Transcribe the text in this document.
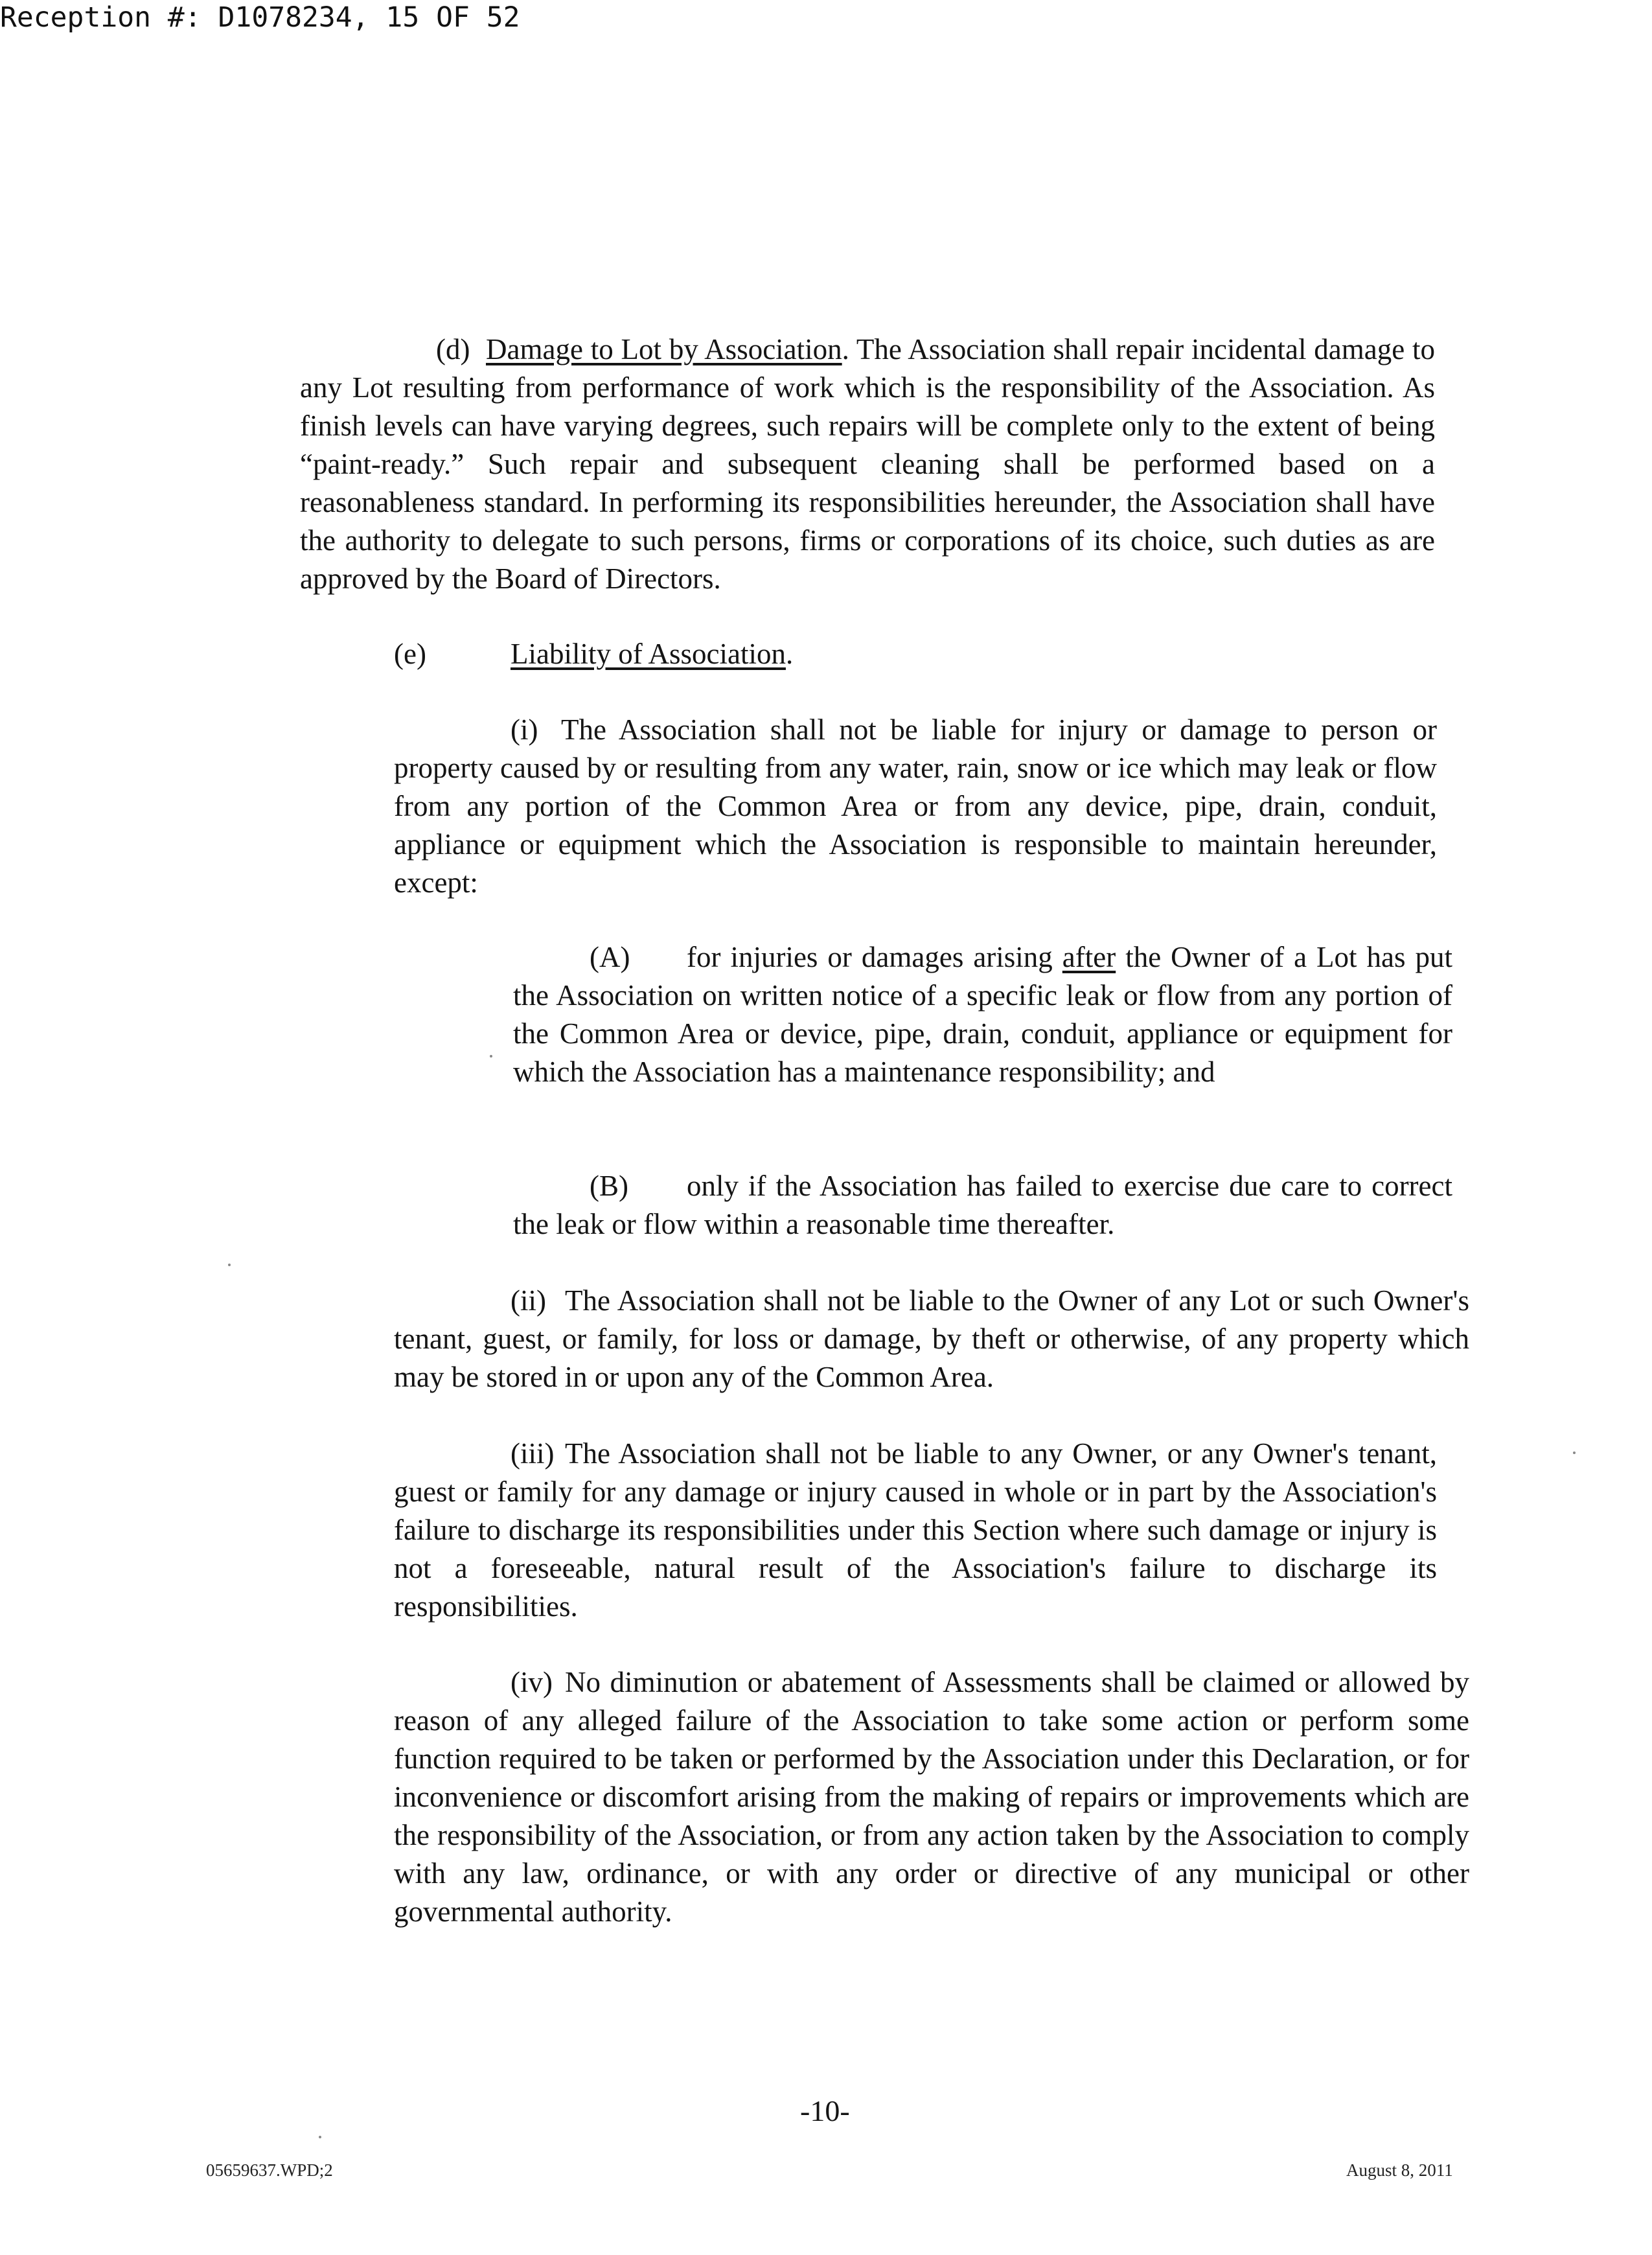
Reception #: D1078234, 15 OF 52

(d) Damage to Lot by Association. The Association shall repair incidental damage to any Lot resulting from performance of work which is the responsibility of the Association. As finish levels can have varying degrees, such repairs will be complete only to the extent of being “paint-ready.” Such repair and subsequent cleaning shall be performed based on a reasonableness standard. In performing its responsibilities hereunder, the Association shall have the authority to delegate to such persons, firms or corporations of its choice, such duties as are approved by the Board of Directors.

(e)	Liability of Association.

(i) The Association shall not be liable for injury or damage to person or property caused by or resulting from any water, rain, snow or ice which may leak or flow from any portion of the Common Area or from any device, pipe, drain, conduit, appliance or equipment which the Association is responsible to maintain hereunder, except:

(A) for injuries or damages arising after the Owner of a Lot has put the Association on written notice of a specific leak or flow from any portion of the Common Area or device, pipe, drain, conduit, appliance or equipment for which the Association has a maintenance responsibility; and

(B) only if the Association has failed to exercise due care to correct the leak or flow within a reasonable time thereafter.

(ii) The Association shall not be liable to the Owner of any Lot or such Owner's tenant, guest, or family, for loss or damage, by theft or otherwise, of any property which may be stored in or upon any of the Common Area.

(iii) The Association shall not be liable to any Owner, or any Owner's tenant, guest or family for any damage or injury caused in whole or in part by the Association's failure to discharge its responsibilities under this Section where such damage or injury is not a foreseeable, natural result of the Association's failure to discharge its responsibilities.

(iv) No diminution or abatement of Assessments shall be claimed or allowed by reason of any alleged failure of the Association to take some action or perform some function required to be taken or performed by the Association under this Declaration, or for inconvenience or discomfort arising from the making of repairs or improvements which are the responsibility of the Association, or from any action taken by the Association to comply with any law, ordinance, or with any order or directive of any municipal or other governmental authority.

-10-
05659637.WPD;2	August 8, 2011
